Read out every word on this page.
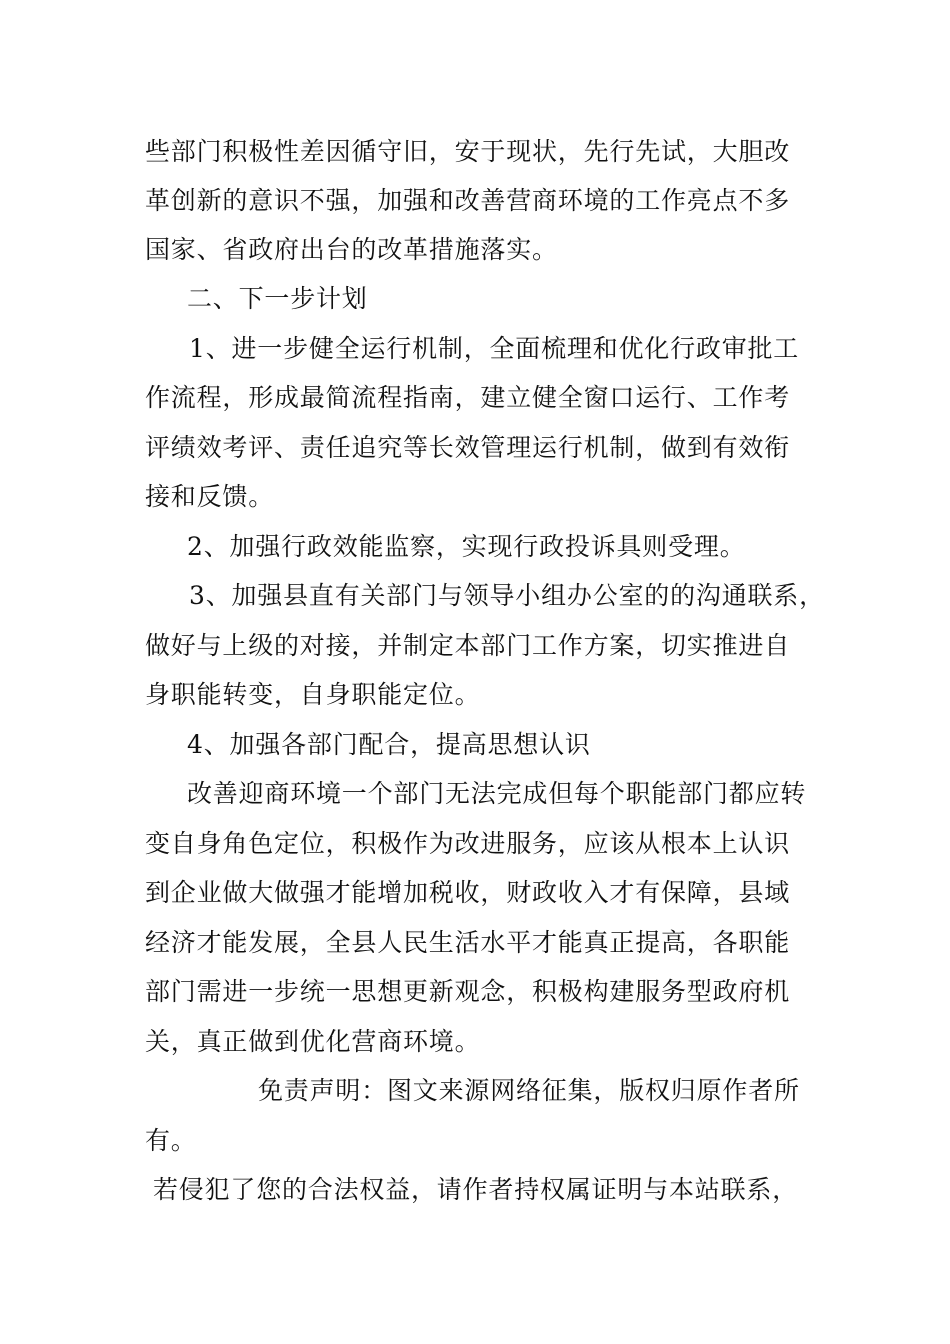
些部门积极性差因循守旧，安于现状，先行先试，大胆改
革创新的意识不强，加强和改善营商环境的工作亮点不多
国家、省政府出台的改革措施落实。
二、下一步计划
1、进一步健全运行机制，全面梳理和优化行政审批工
作流程，形成最简流程指南，建立健全窗口运行、工作考
评绩效考评、责任追究等长效管理运行机制，做到有效衔
接和反馈。
2、加强行政效能监察，实现行政投诉具则受理。
3、加强县直有关部门与领导小组办公室的的沟通联系，
做好与上级的对接，并制定本部门工作方案，切实推进自
身职能转变，自身职能定位。
4、加强各部门配合，提高思想认识
改善迎商环境一个部门无法完成但每个职能部门都应转
变自身角色定位，积极作为改进服务，应该从根本上认识
到企业做大做强才能增加税收，财政收入才有保障，县域
经济才能发展，全县人民生活水平才能真正提高，各职能
部门需进一步统一思想更新观念，积极构建服务型政府机
关，真正做到优化营商环境。
免责声明：图文来源网络征集，版权归原作者所
有。
若侵犯了您的合法权益，请作者持权属证明与本站联系，
